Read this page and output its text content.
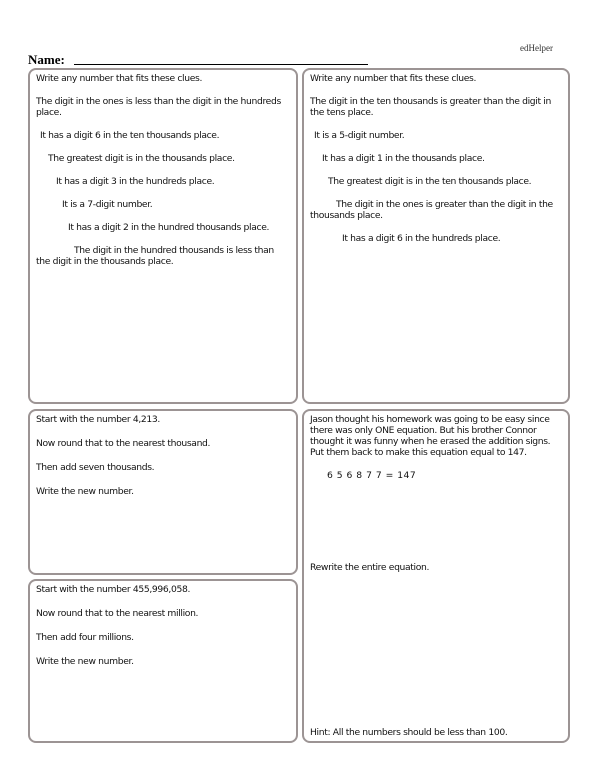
edHelper
Name:

Write any number that fits these clues.

The digit in the ones is less than the digit in the hundreds place.

It has a digit 6 in the ten thousands place.

The greatest digit is in the thousands place.

It has a digit 3 in the hundreds place.

It is a 7-digit number.

It has a digit 2 in the hundred thousands place.

The digit in the hundred thousands is less than the digit in the thousands place.

Write any number that fits these clues.

The digit in the ten thousands is greater than the digit in the tens place.

It is a 5-digit number.

It has a digit 1 in the thousands place.

The greatest digit is in the ten thousands place.

The digit in the ones is greater than the digit in the thousands place.

It has a digit 6 in the hundreds place.

Start with the number 4,213.

Now round that to the nearest thousand.

Then add seven thousands.

Write the new number.

Jason thought his homework was going to be easy since there was only ONE equation. But his brother Connor thought it was funny when he erased the addition signs. Put them back to make this equation equal to 147.

6 5 6 8 7 7 = 147

Rewrite the entire equation.
Hint: All the numbers should be less than 100.

Start with the number 455,996,058.

Now round that to the nearest million.

Then add four millions.

Write the new number.
